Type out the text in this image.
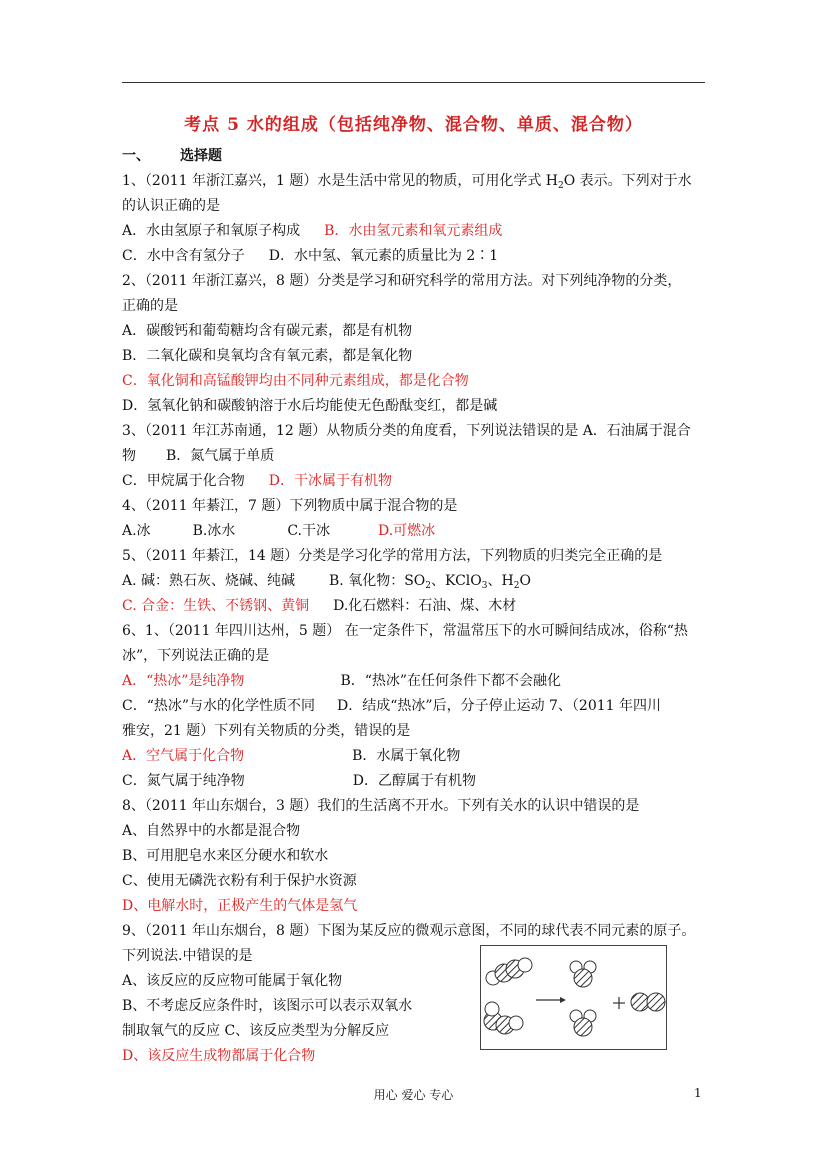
考点 5 水的组成（包括纯净物、混合物、单质、混合物）
一、 选择题
1、（2011 年浙江嘉兴，1 题）水是生活中常见的物质，可用化学式 $H_2O$ 表示。下列对于水
的认识正确的是
A．水由氢原子和氧原子构成 B．水由氢元素和氧元素组成
C．水中含有氢分子 D．水中氢、氧元素的质量比为 2∶1
2、（2011 年浙江嘉兴，8 题）分类是学习和研究科学的常用方法。对下列纯净物的分类，
正确的是
A．碳酸钙和葡萄糖均含有碳元素，都是有机物
B．二氧化碳和臭氧均含有氧元素，都是氧化物
C．氧化铜和高锰酸钾均由不同种元素组成，都是化合物
D．氢氧化钠和碳酸钠溶于水后均能使无色酚酞变红，都是碱
3、（2011 年江苏南通，12 题）从物质分类的角度看，下列说法错误的是 A．石油属于混合
物 B．氮气属于单质
C．甲烷属于化合物 D．干冰属于有机物
4、（2011 年綦江，7 题）下列物质中属于混合物的是
A.冰	B.冰水	C.干冰	D.可燃冰
5、（2011 年綦江，14 题）分类是学习化学的常用方法，下列物质的归类完全正确的是
A. 碱：熟石灰、烧碱、纯碱 B. 氧化物：$SO_2$、KClO$_3$、$H_2O$
C. 合金：生铁、不锈钢、黄铜 D.化石燃料：石油、煤、木材
6、1、（2011 年四川达州，5 题） 在一定条件下，常温常压下的水可瞬间结成冰，俗称“热
冰”，下列说法正确的是
A．“热冰”是纯净物	B．“热冰”在任何条件下都不会融化
C．“热冰”与水的化学性质不同 D．结成“热冰”后，分子停止运动 7、（2011 年四川
雅安，21 题）下列有关物质的分类，错误的是
A．空气属于化合物	B．水属于氧化物
C．氮气属于纯净物	D．乙醇属于有机物
8、（2011 年山东烟台，3 题）我们的生活离不开水。下列有关水的认识中错误的是
A、自然界中的水都是混合物
B、可用肥皂水来区分硬水和软水
C、使用无磷洗衣粉有利于保护水资源
D、电解水时，正极产生的气体是氢气
9、（2011 年山东烟台，8 题）下图为某反应的微观示意图，不同的球代表不同元素的原子。
下列说法.中错误的是
A、该反应的反应物可能属于氧化物
B、不考虑反应条件时，该图示可以表示双氧水
制取氧气的反应 C、该反应类型为分解反应
D、该反应生成物都属于化合物
用心 爱心 专心	1
